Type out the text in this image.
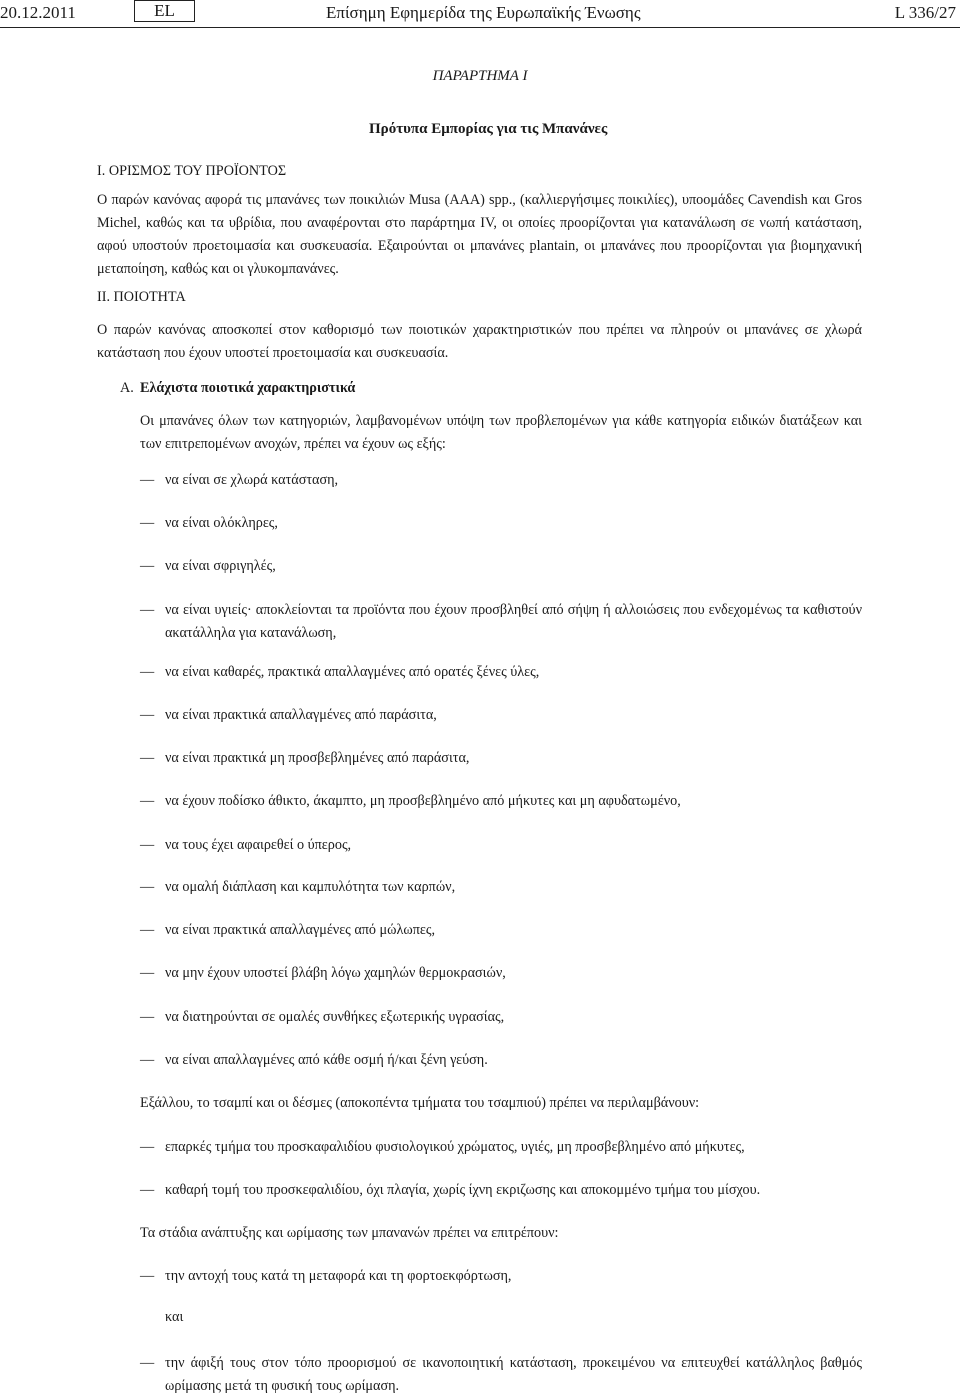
20.12.2011	EL	Επίσημη Εφημερίδα της Ευρωπαϊκής Ένωσης	L 336/27
ΠΑΡΑΡΤΗΜΑ I
Πρότυπα Εμπορίας για τις Μπανάνες
I. ΟΡΙΣΜΟΣ ΤΟΥ ΠΡΟΪΟΝΤΟΣ
Ο παρών κανόνας αφορά τις μπανάνες των ποικιλιών Musa (AAA) spp., (καλλιεργήσιμες ποικιλίες), υποομάδες Cavendish και Gros Michel, καθώς και τα υβρίδια, που αναφέρονται στο παράρτημα IV, οι οποίες προορίζονται για κατανάλωση σε νωπή κατάσταση, αφού υποστούν προετοιμασία και συσκευασία. Εξαιρούνται οι μπανάνες plantain, οι μπανάνες που προορίζονται για βιομηχανική μεταποίηση, καθώς και οι γλυκομπανάνες.
II. ΠΟΙΟΤΗΤΑ
Ο παρών κανόνας αποσκοπεί στον καθορισμό των ποιοτικών χαρακτηριστικών που πρέπει να πληρούν οι μπανάνες σε χλωρά κατάσταση που έχουν υποστεί προετοιμασία και συσκευασία.
A. Ελάχιστα ποιοτικά χαρακτηριστικά
Οι μπανάνες όλων των κατηγοριών, λαμβανομένων υπόψη των προβλεπομένων για κάθε κατηγορία ειδικών διατάξεων και των επιτρεπομένων ανοχών, πρέπει να έχουν ως εξής:
— να είναι σε χλωρά κατάσταση,
— να είναι ολόκληρες,
— να είναι σφριγηλές,
— να είναι υγιείς· αποκλείονται τα προϊόντα που έχουν προσβληθεί από σήψη ή αλλοιώσεις που ενδεχομένως τα καθιστούν ακατάλληλα για κατανάλωση,
— να είναι καθαρές, πρακτικά απαλλαγμένες από ορατές ξένες ύλες,
— να είναι πρακτικά απαλλαγμένες από παράσιτα,
— να είναι πρακτικά μη προσβεβλημένες από παράσιτα,
— να έχουν ποδίσκο άθικτο, άκαμπτο, μη προσβεβλημένο από μήκυτες και μη αφυδατωμένο,
— να τους έχει αφαιρεθεί ο ύπερος,
— να ομαλή διάπλαση και καμπυλότητα των καρπών,
— να είναι πρακτικά απαλλαγμένες από μώλωπες,
— να μην έχουν υποστεί βλάβη λόγω χαμηλών θερμοκρασιών,
— να διατηρούνται σε ομαλές συνθήκες εξωτερικής υγρασίας,
— να είναι απαλλαγμένες από κάθε οσμή ή/και ξένη γεύση.
Εξάλλου, το τσαμπί και οι δέσμες (αποκοπέντα τμήματα του τσαμπιού) πρέπει να περιλαμβάνουν:
— επαρκές τμήμα του προσκαφαλιδίου φυσιολογικού χρώματος, υγιές, μη προσβεβλημένο από μήκυτες,
— καθαρή τομή του προσκεφαλιδίου, όχι πλαγία, χωρίς ίχνη εκριζωσης και αποκομμένο τμήμα του μίσχου.
Τα στάδια ανάπτυξης και ωρίμασης των μπανανών πρέπει να επιτρέπουν:
— την αντοχή τους κατά τη μεταφορά και τη φορτοεκφόρτωση,
και
— την άφιξή τους στον τόπο προορισμού σε ικανοποιητική κατάσταση, προκειμένου να επιτευχθεί κατάλληλος βαθμός ωρίμασης μετά τη φυσική τους ωρίμαση.
